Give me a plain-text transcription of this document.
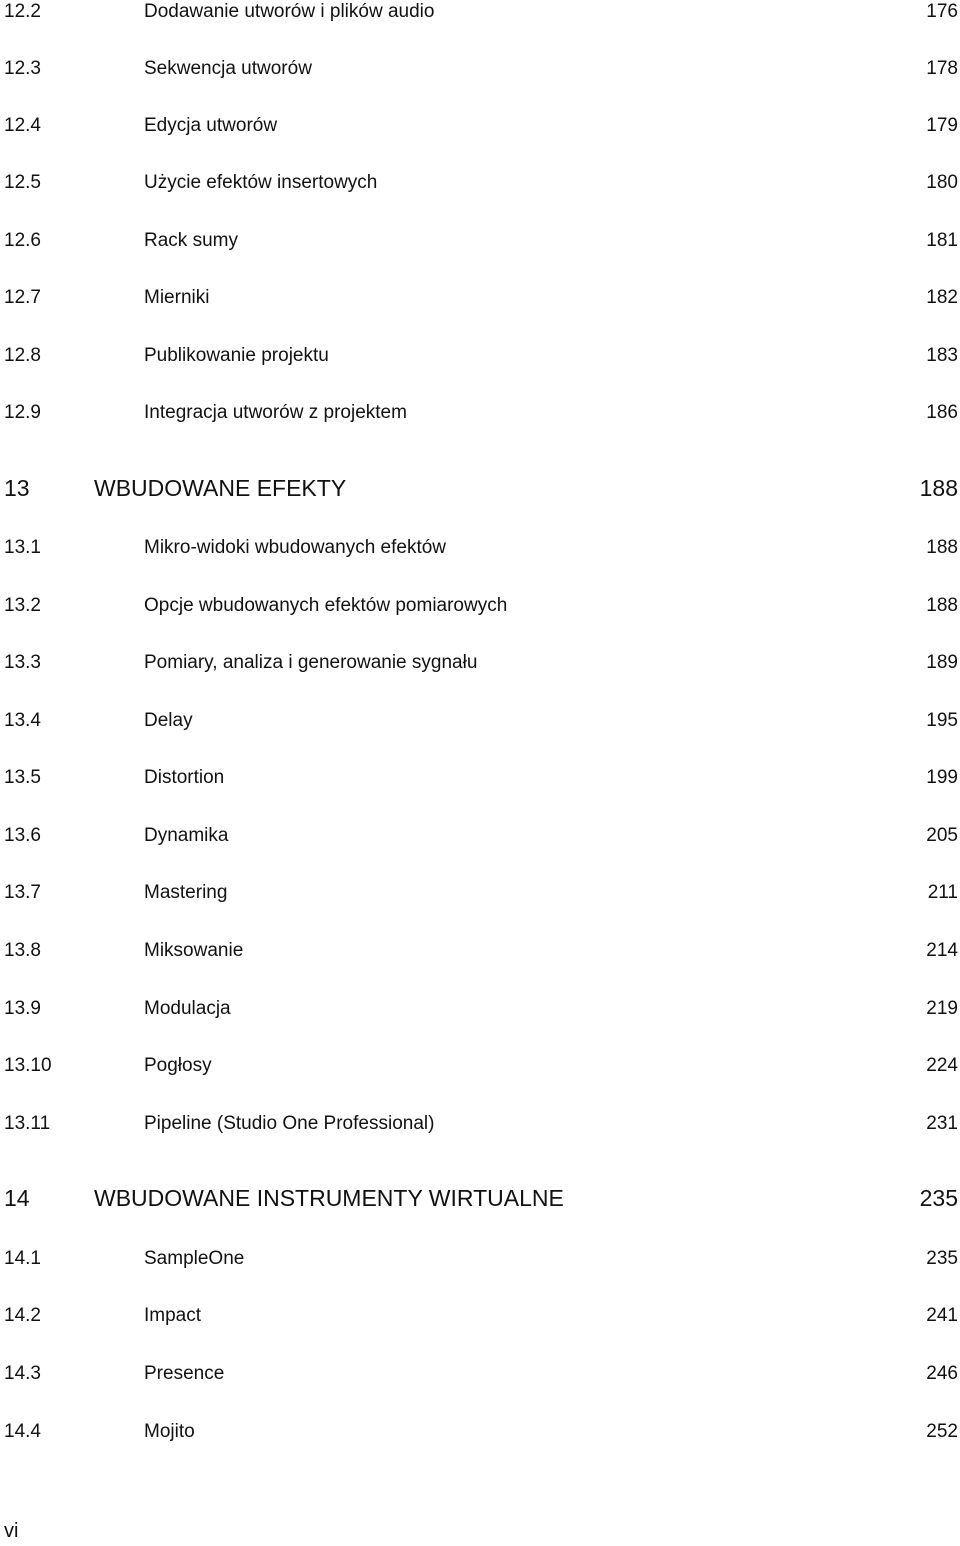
12.2	Dodawanie utworów i plików audio	176
12.3	Sekwencja utworów	178
12.4	Edycja utworów	179
12.5	Użycie efektów insertowych	180
12.6	Rack sumy	181
12.7	Mierniki	182
12.8	Publikowanie projektu	183
12.9	Integracja utworów z projektem	186
13	WBUDOWANE EFEKTY	188
13.1	Mikro-widoki wbudowanych efektów	188
13.2	Opcje wbudowanych efektów pomiarowych	188
13.3	Pomiary, analiza i generowanie sygnału	189
13.4	Delay	195
13.5	Distortion	199
13.6	Dynamika	205
13.7	Mastering	211
13.8	Miksowanie	214
13.9	Modulacja	219
13.10	Pogłosy	224
13.11	Pipeline (Studio One Professional)	231
14	WBUDOWANE INSTRUMENTY WIRTUALNE	235
14.1	SampleOne	235
14.2	Impact	241
14.3	Presence	246
14.4	Mojito	252
vi
